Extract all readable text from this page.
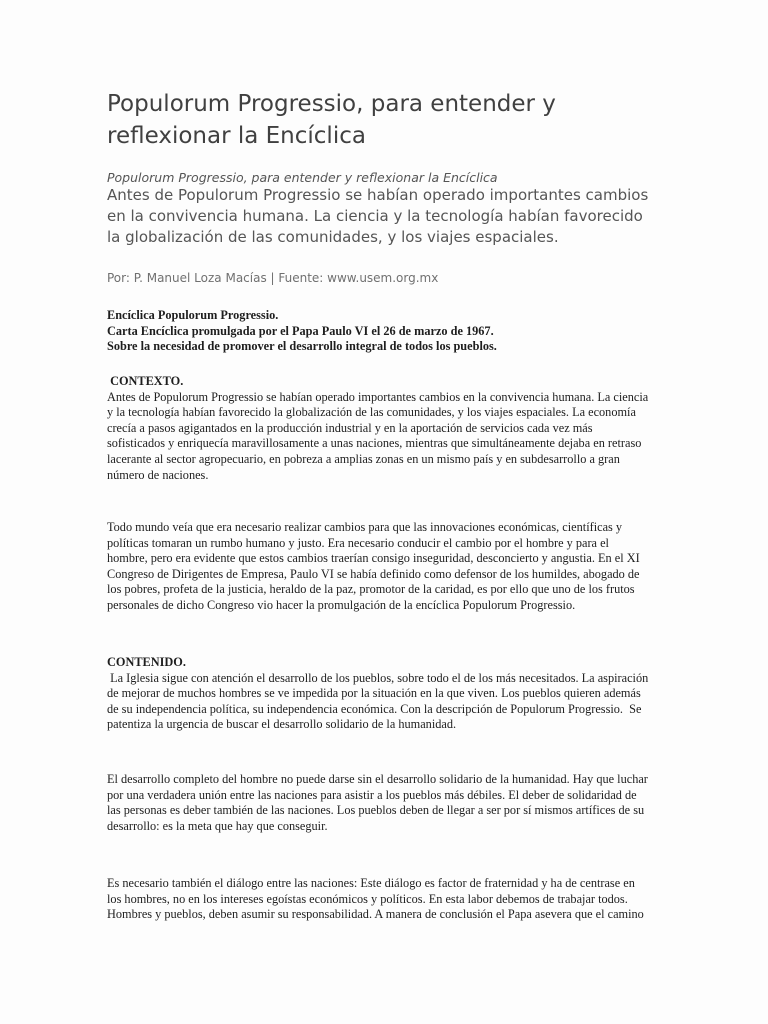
Populorum Progressio, para entender y
reflexionar la Encíclica

Populorum Progressio, para entender y reflexionar la Encíclica

Antes de Populorum Progressio se habían operado importantes cambios
en la convivencia humana. La ciencia y la tecnología habían favorecido
la globalización de las comunidades, y los viajes espaciales.

Por: P. Manuel Loza Macías | Fuente: www.usem.org.mx

Encíclica Populorum Progressio.
Carta Encíclica promulgada por el Papa Paulo VI el 26 de marzo de 1967.
Sobre la necesidad de promover el desarrollo integral de todos los pueblos.
CONTEXTO.
Antes de Populorum Progressio se habían operado importantes cambios en la convivencia humana. La ciencia
y la tecnología habían favorecido la globalización de las comunidades, y los viajes espaciales. La economía
crecía a pasos agigantados en la producción industrial y en la aportación de servicios cada vez más
sofisticados y enriquecía maravillosamente a unas naciones, mientras que simultáneamente dejaba en retraso
lacerante al sector agropecuario, en pobreza a amplias zonas en un mismo país y en subdesarrollo a gran
número de naciones.
Todo mundo veía que era necesario realizar cambios para que las innovaciones económicas, científicas y
políticas tomaran un rumbo humano y justo. Era necesario conducir el cambio por el hombre y para el
hombre, pero era evidente que estos cambios traerían consigo inseguridad, desconcierto y angustia. En el XI
Congreso de Dirigentes de Empresa, Paulo VI se había definido como defensor de los humildes, abogado de
los pobres, profeta de la justicia, heraldo de la paz, promotor de la caridad, es por ello que uno de los frutos
personales de dicho Congreso vio hacer la promulgación de la encíclica Populorum Progressio.
CONTENIDO.
La Iglesia sigue con atención el desarrollo de los pueblos, sobre todo el de los más necesitados. La aspiración
de mejorar de muchos hombres se ve impedida por la situación en la que viven. Los pueblos quieren además
de su independencia política, su independencia económica. Con la descripción de Populorum Progressio.  Se
patentiza la urgencia de buscar el desarrollo solidario de la humanidad.
El desarrollo completo del hombre no puede darse sin el desarrollo solidario de la humanidad. Hay que luchar
por una verdadera unión entre las naciones para asistir a los pueblos más débiles. El deber de solidaridad de
las personas es deber también de las naciones. Los pueblos deben de llegar a ser por sí mismos artífices de su
desarrollo: es la meta que hay que conseguir.
Es necesario también el diálogo entre las naciones: Este diálogo es factor de fraternidad y ha de centrase en
los hombres, no en los intereses egoístas económicos y políticos. En esta labor debemos de trabajar todos.
Hombres y pueblos, deben asumir su responsabilidad. A manera de conclusión el Papa asevera que el camino
